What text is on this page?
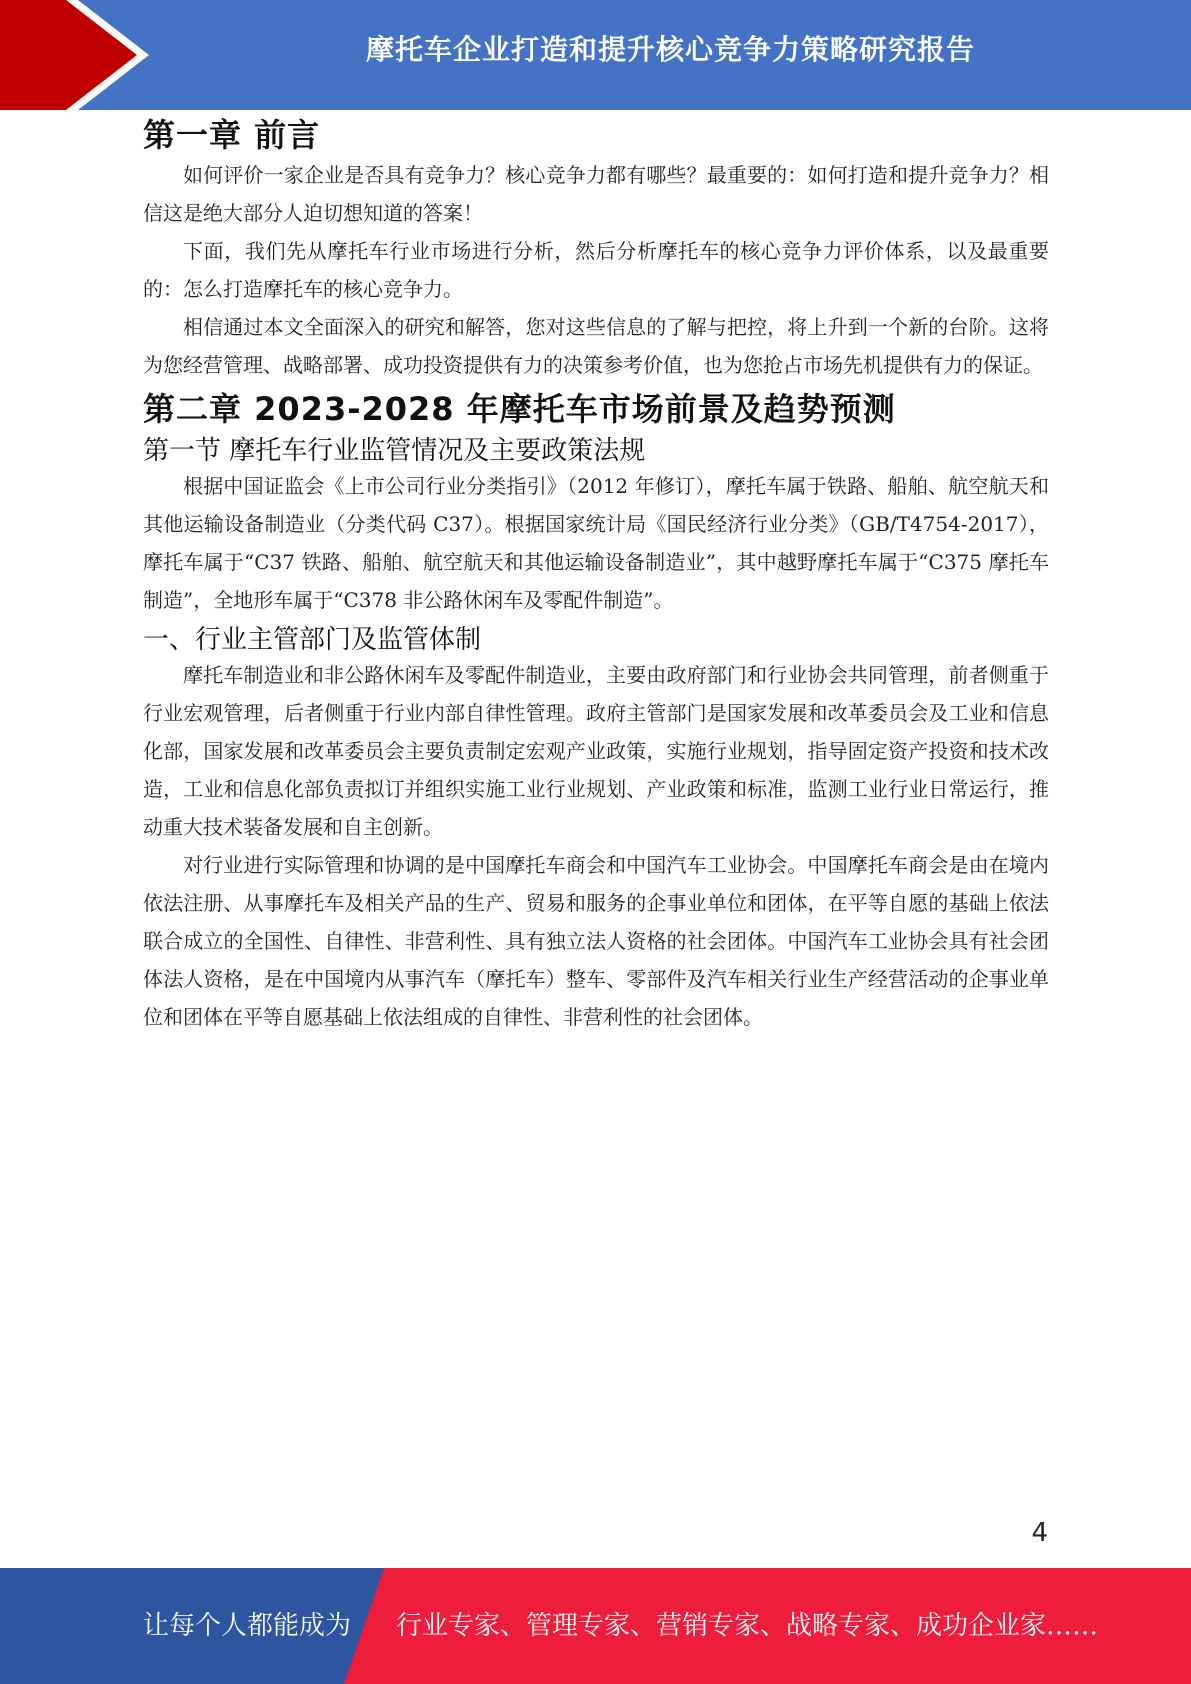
摩托车企业打造和提升核心竞争力策略研究报告
第一章 前言

如何评价一家企业是否具有竞争力？核心竞争力都有哪些？最重要的：如何打造和提升竞争力？相信这是绝大部分人迫切想知道的答案！

下面，我们先从摩托车行业市场进行分析，然后分析摩托车的核心竞争力评价体系，以及最重要的：怎么打造摩托车的核心竞争力。

相信通过本文全面深入的研究和解答，您对这些信息的了解与把控，将上升到一个新的台阶。这将为您经营管理、战略部署、成功投资提供有力的决策参考价值，也为您抢占市场先机提供有力的保证。

第二章 2023-2028 年摩托车市场前景及趋势预测
第一节 摩托车行业监管情况及主要政策法规

根据中国证监会《上市公司行业分类指引》（2012 年修订），摩托车属于铁路、船舶、航空航天和其他运输设备制造业（分类代码 C37）。根据国家统计局《国民经济行业分类》（GB/T4754-2017），摩托车属于“C37 铁路、船舶、航空航天和其他运输设备制造业”，其中越野摩托车属于“C375 摩托车制造”，全地形车属于“C378 非公路休闲车及零配件制造”。

一、行业主管部门及监管体制

摩托车制造业和非公路休闲车及零配件制造业，主要由政府部门和行业协会共同管理，前者侧重于行业宏观管理，后者侧重于行业内部自律性管理。政府主管部门是国家发展和改革委员会及工业和信息化部，国家发展和改革委员会主要负责制定宏观产业政策，实施行业规划，指导固定资产投资和技术改造，工业和信息化部负责拟订并组织实施工业行业规划、产业政策和标准，监测工业行业日常运行，推动重大技术装备发展和自主创新。

对行业进行实际管理和协调的是中国摩托车商会和中国汽车工业协会。中国摩托车商会是由在境内依法注册、从事摩托车及相关产品的生产、贸易和服务的企事业单位和团体，在平等自愿的基础上依法联合成立的全国性、自律性、非营利性、具有独立法人资格的社会团体。中国汽车工业协会具有社会团体法人资格，是在中国境内从事汽车（摩托车）整车、零部件及汽车相关行业生产经营活动的企事业单位和团体在平等自愿基础上依法组成的自律性、非营利性的社会团体。

4
让每个人都能成为 行业专家、管理专家、营销专家、战略专家、成功企业家……
